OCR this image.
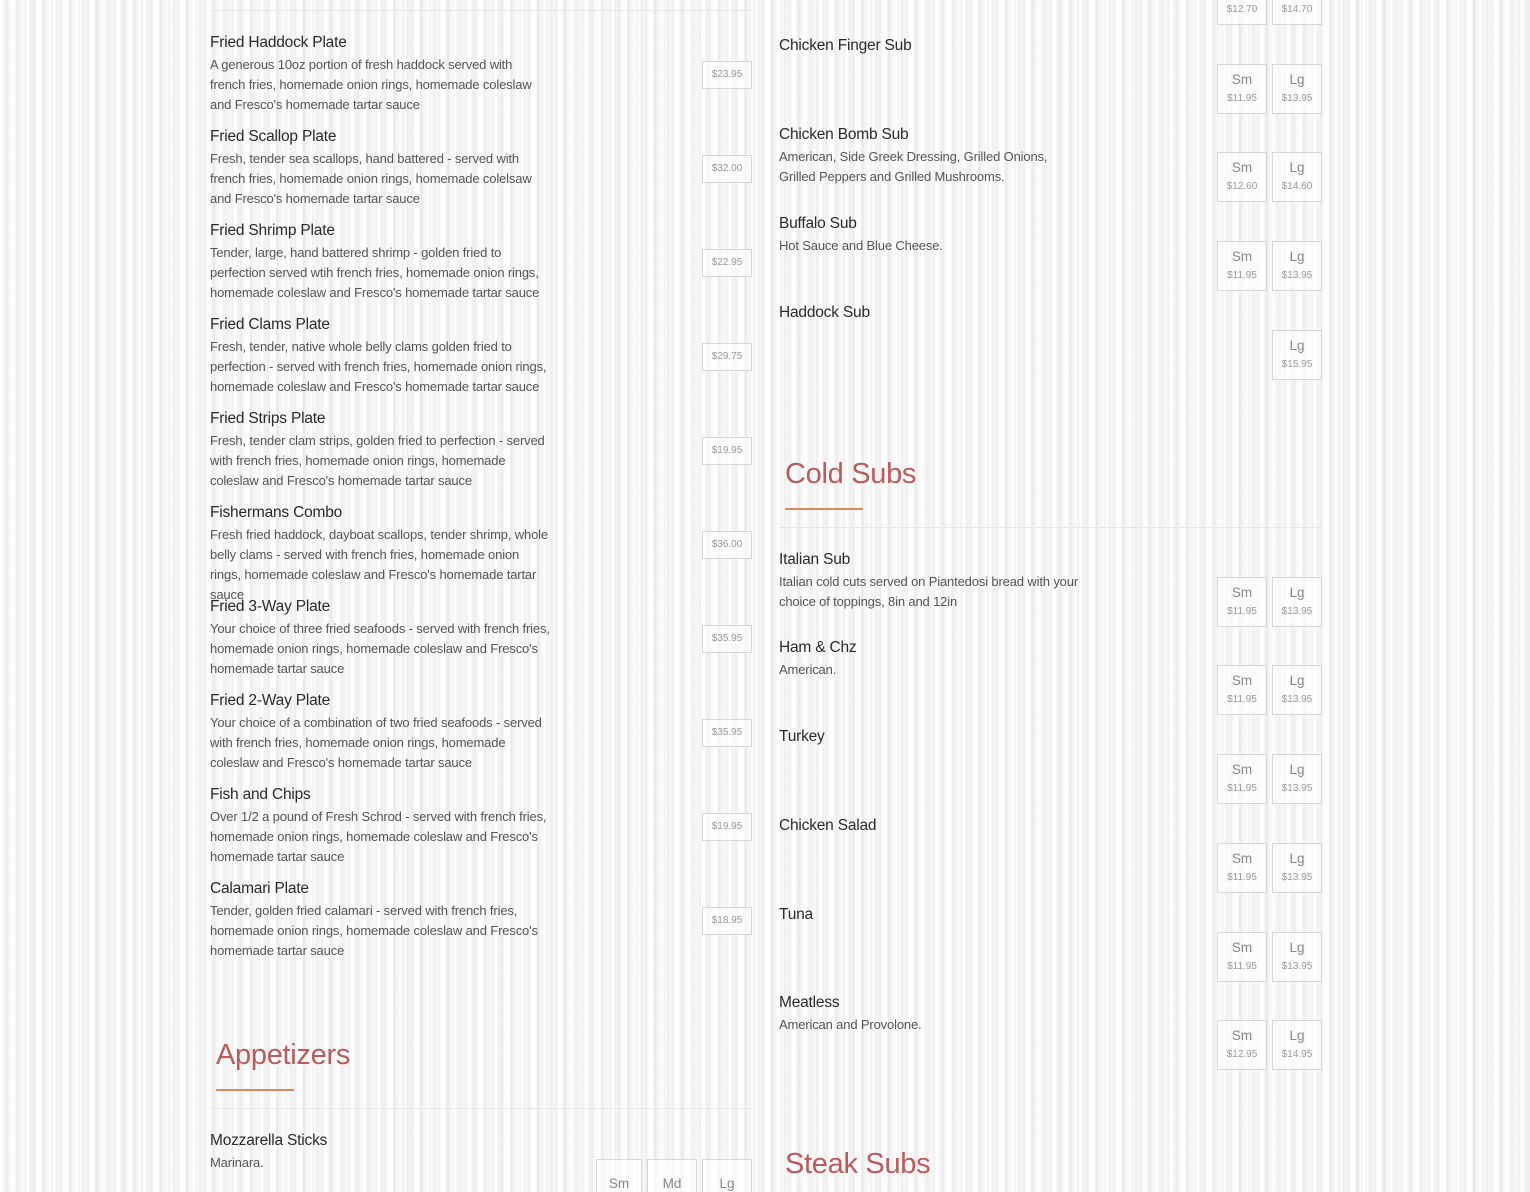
Fried Haddock Plate
A generous 10oz portion of fresh haddock served with french fries, homemade onion rings, homemade coleslaw and Fresco's homemade tartar sauce
$23.95
Fried Scallop Plate
Fresh, tender sea scallops, hand battered - served with french fries, homemade onion rings, homemade colelsaw and Fresco's homemade tartar sauce
$32.00
Fried Shrimp Plate
Tender, large, hand battered shrimp - golden fried to perfection served wtih french fries, homemade onion rings, homemade coleslaw and Fresco's homemade tartar sauce
$22.95
Fried Clams Plate
Fresh, tender, native whole belly clams golden fried to perfection - served with french fries, homemade onion rings, homemade coleslaw and Fresco's homemade tartar sauce
$29.75
Fried Strips Plate
Fresh, tender clam strips, golden fried to perfection - served with french fries, homemade onion rings, homemade coleslaw and Fresco's homemade tartar sauce
$19.95
Fishermans Combo
Fresh fried haddock, dayboat scallops, tender shrimp, whole belly clams - served with french fries, homemade onion rings, homemade coleslaw and Fresco's homemade tartar sauce
$36.00
Fried 3-Way Plate
Your choice of three fried seafoods - served with french fries, homemade onion rings, homemade coleslaw and Fresco's homemade tartar sauce
$35.95
Fried 2-Way Plate
Your choice of a combination of two fried seafoods - served with french fries, homemade onion rings, homemade coleslaw and Fresco's homemade tartar sauce
$35.95
Fish and Chips
Over 1/2 a pound of Fresh Schrod - served with french fries, homemade onion rings, homemade coleslaw and Fresco's homemade tartar sauce
$19.95
Calamari Plate
Tender, golden fried calamari - served with french fries, homemade onion rings, homemade coleslaw and Fresco's homemade tartar sauce
$18.95
Appetizers
Mozzarella Sticks
Marinara.
Sm Md	Lg

$12.70
$14.70
Chicken Finger Sub
Sm
$11.95
Lg
$13.95
Chicken Bomb Sub
American, Side Greek Dressing, Grilled Onions, Grilled Peppers and Grilled Mushrooms.
Sm
$12.60
Lg
$14.60
Buffalo Sub
Hot Sauce and Blue Cheese.
Sm
$11.95
Lg
$13.95
Haddock Sub
Lg
$15.95
Cold Subs
Italian Sub
Italian cold cuts served on Piantedosi bread with your choice of toppings, 8in and 12in
Sm
$11.95
Lg
$13.95
Ham & Chz
American.
Sm
$11.95
Lg
$13.95
Turkey
Sm
$11.95
Lg
$13.95
Chicken Salad
Sm
$11.95
Lg
$13.95
Tuna
Sm
$11.95
Lg
$13.95
Meatless
American and Provolone.
Sm
$12.95
Lg
$14.95
Steak Subs
